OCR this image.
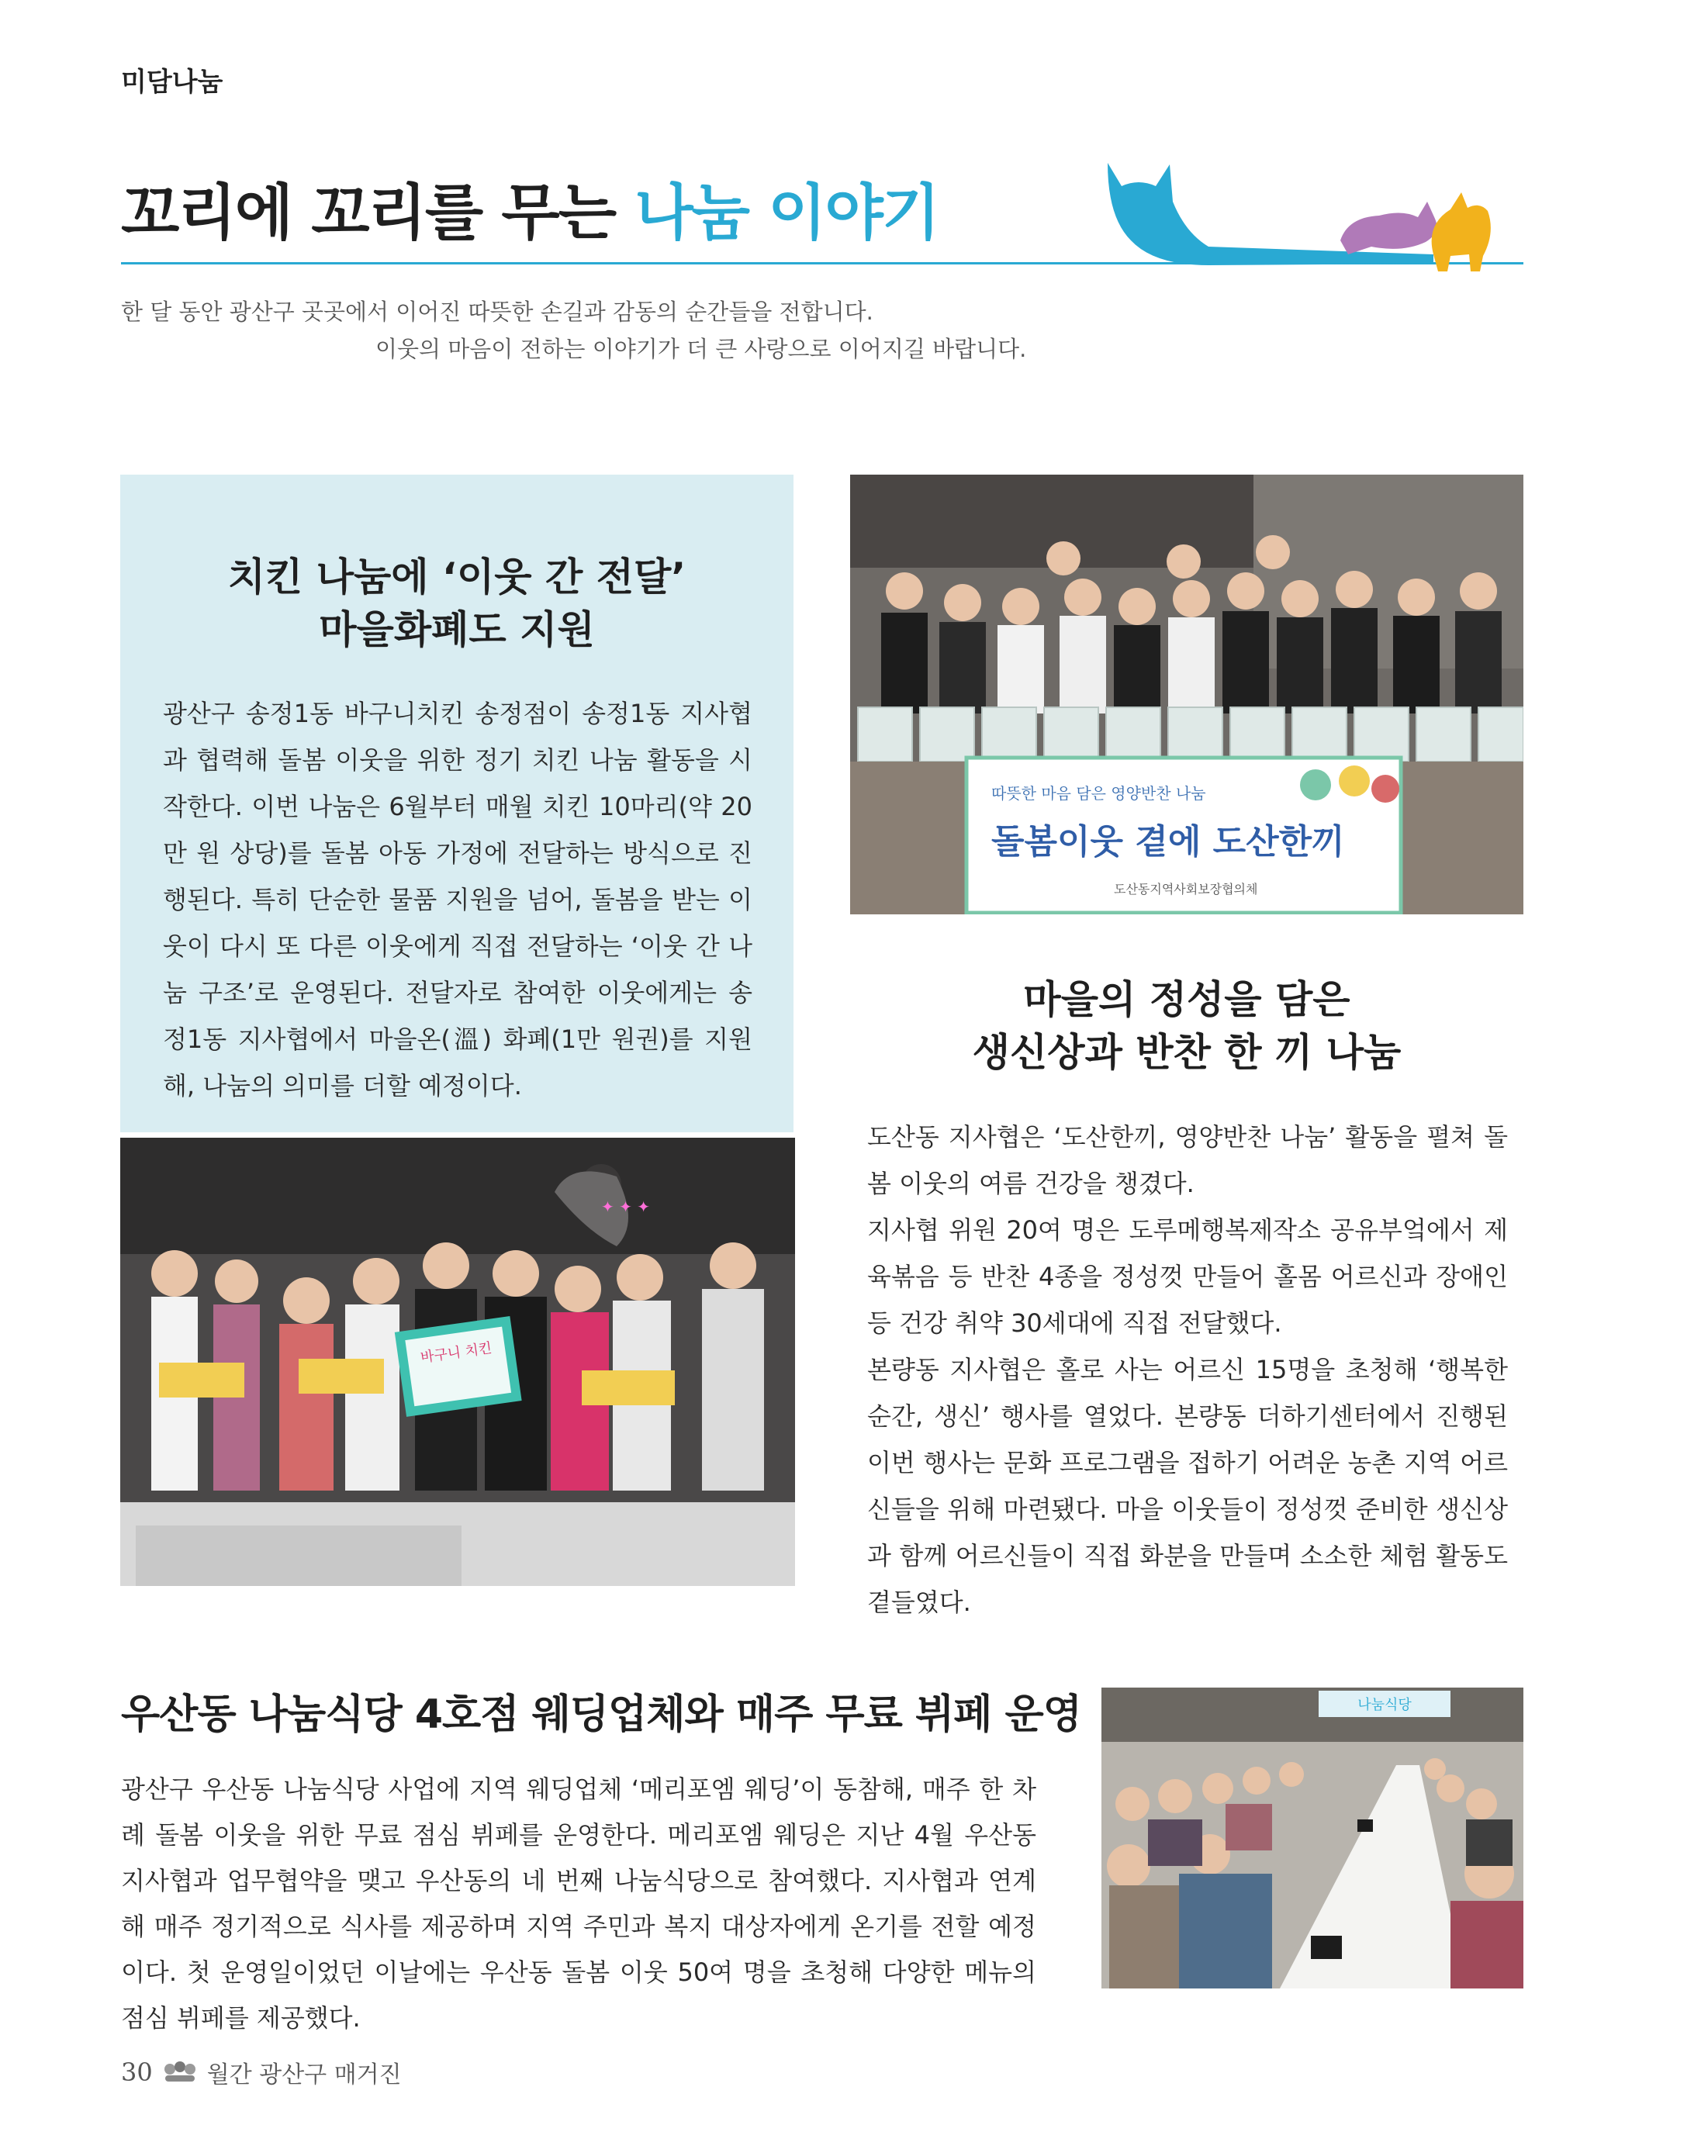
미담나눔
꼬리에 꼬리를 무는 나눔 이야기
한 달 동안 광산구 곳곳에서 이어진 따뜻한 손길과 감동의 순간들을 전합니다.
이웃의 마음이 전하는 이야기가 더 큰 사랑으로 이어지길 바랍니다.
치킨 나눔에 ‘이웃 간 전달’
마을화폐도 지원
광산구 송정1동 바구니치킨 송정점이 송정1동 지사협과 협력해 돌봄 이웃을 위한 정기 치킨 나눔 활동을 시작한다. 이번 나눔은 6월부터 매월 치킨 10마리(약 20만 원 상당)를 돌봄 아동 가정에 전달하는 방식으로 진행된다. 특히 단순한 물품 지원을 넘어, 돌봄을 받는 이웃이 다시 또 다른 이웃에게 직접 전달하는 ‘이웃 간 나눔 구조’로 운영된다. 전달자로 참여한 이웃에게는 송정1동 지사협에서 마을온(溫) 화폐(1만 원권)를 지원해, 나눔의 의미를 더할 예정이다.
✦ ✦ ✦
바구니 치킨
따뜻한 마음 담은 영양반찬 나눔
돌봄이웃 곁에 도산한끼
도산동지역사회보장협의체
마을의 정성을 담은
생신상과 반찬 한 끼 나눔
도산동 지사협은 ‘도산한끼, 영양반찬 나눔’ 활동을 펼쳐 돌봄 이웃의 여름 건강을 챙겼다.
지사협 위원 20여 명은 도루메행복제작소 공유부엌에서 제육볶음 등 반찬 4종을 정성껏 만들어 홀몸 어르신과 장애인 등 건강 취약 30세대에 직접 전달했다.
본량동 지사협은 홀로 사는 어르신 15명을 초청해 ‘행복한 순간, 생신’ 행사를 열었다. 본량동 더하기센터에서 진행된 이번 행사는 문화 프로그램을 접하기 어려운 농촌 지역 어르신들을 위해 마련됐다. 마을 이웃들이 정성껏 준비한 생신상과 함께 어르신들이 직접 화분을 만들며 소소한 체험 활동도 곁들였다.
우산동 나눔식당 4호점 웨딩업체와 매주 무료 뷔페 운영
광산구 우산동 나눔식당 사업에 지역 웨딩업체 ‘메리포엠 웨딩’이 동참해, 매주 한 차례 돌봄 이웃을 위한 무료 점심 뷔페를 운영한다. 메리포엠 웨딩은 지난 4월 우산동 지사협과 업무협약을 맺고 우산동의 네 번째 나눔식당으로 참여했다. 지사협과 연계해 매주 정기적으로 식사를 제공하며 지역 주민과 복지 대상자에게 온기를 전할 예정이다. 첫 운영일이었던 이날에는 우산동 돌봄 이웃 50여 명을 초청해 다양한 메뉴의 점심 뷔페를 제공했다.
나눔식당
30 월간 광산구 매거진
